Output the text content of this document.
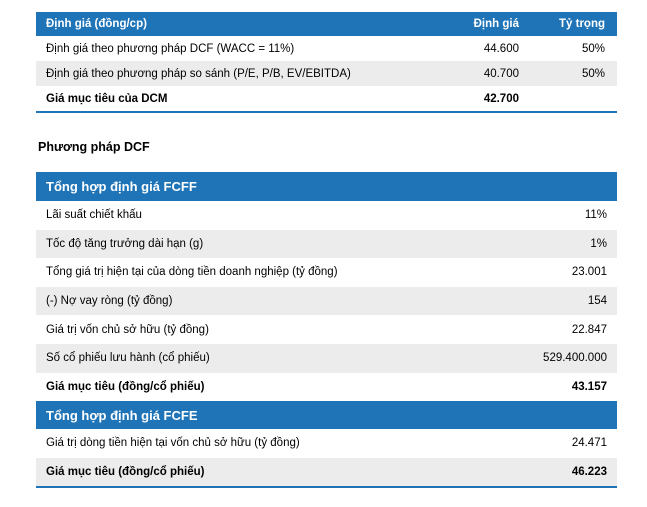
Định giá (đồng/cp)	Định giá	Tỷ trọng
Định giá theo phương pháp DCF (WACC = 11%)	44.600	50%
Định giá theo phương pháp so sánh (P/E, P/B, EV/EBITDA)	40.700	50%
Giá mục tiêu của DCM	42.700
Phương pháp DCF
Tổng hợp định giá FCFF
Lãi suất chiết khấu	11%
Tốc độ tăng trưởng dài hạn (g)	1%
Tổng giá trị hiện tại của dòng tiền doanh nghiệp (tỷ đồng)	23.001
(-) Nợ vay ròng (tỷ đồng)	154
Giá trị vốn chủ sở hữu (tỷ đồng)	22.847
Số cổ phiếu lưu hành (cổ phiếu)	529.400.000
Giá mục tiêu (đồng/cổ phiếu)	43.157
Tổng hợp định giá FCFE
Giá trị dòng tiền hiện tại vốn chủ sở hữu (tỷ đồng)	24.471
Giá mục tiêu (đồng/cổ phiếu)	46.223
